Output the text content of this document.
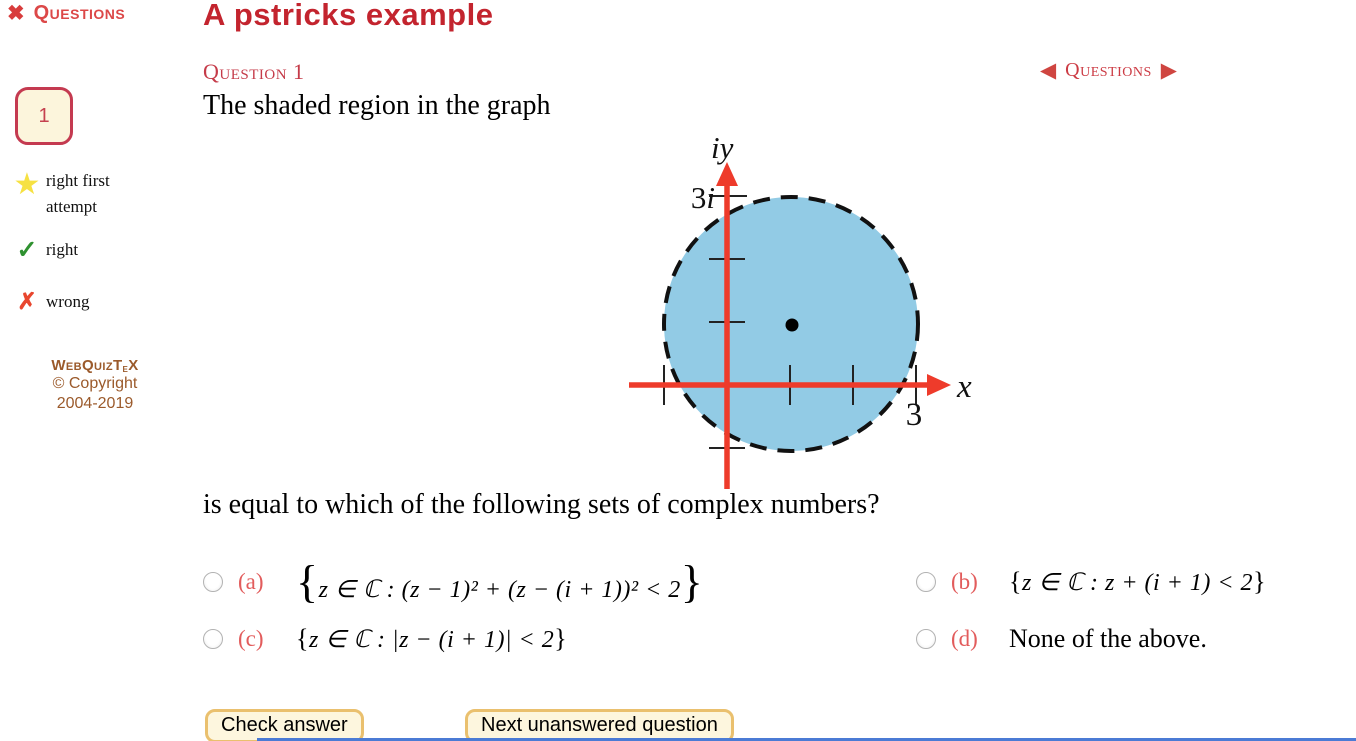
✖ Questions
1
★ right first attempt
✓ right
✗ wrong
WebQuizTeX
© Copyright
2004-2019
A pstricks example
Question 1	◀ Questions ▶
The shaded region in the graph
iy
3i
x
3
is equal to which of the following sets of complex numbers?
(a) {z ∈ ℂ : (z − 1)² + (z − (i + 1))² < 2}	(b)	{z ∈ ℂ : z + (i + 1) < 2}
(c)	{z ∈ ℂ : |z − (i + 1)| < 2}	(d)	None of the above.
Check answer	Next unanswered question
